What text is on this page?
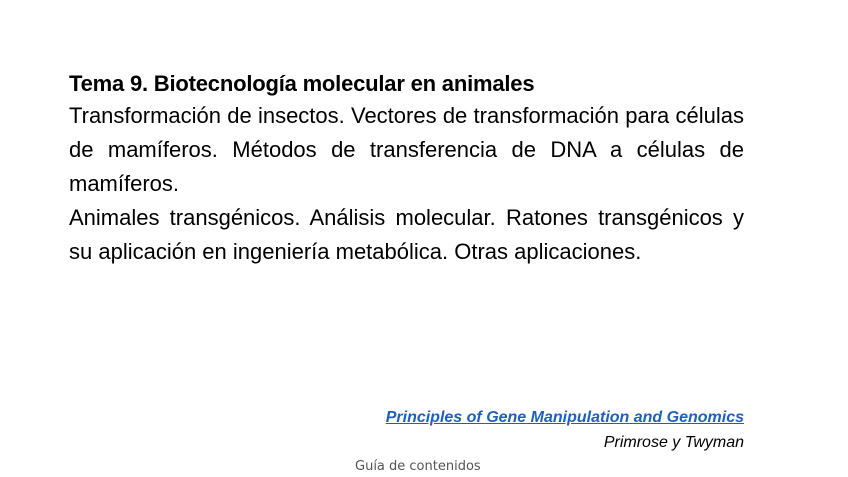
Tema 9. Biotecnología molecular en animales

Transformación de insectos. Vectores de transformación para células de mamíferos. Métodos de transferencia de DNA a células de mamíferos.

Animales transgénicos. Análisis molecular. Ratones transgénicos y su aplicación en ingeniería metabólica. Otras aplicaciones.

Principles of Gene Manipulation and Genomics
Primrose y Twyman
Guía de contenidos
